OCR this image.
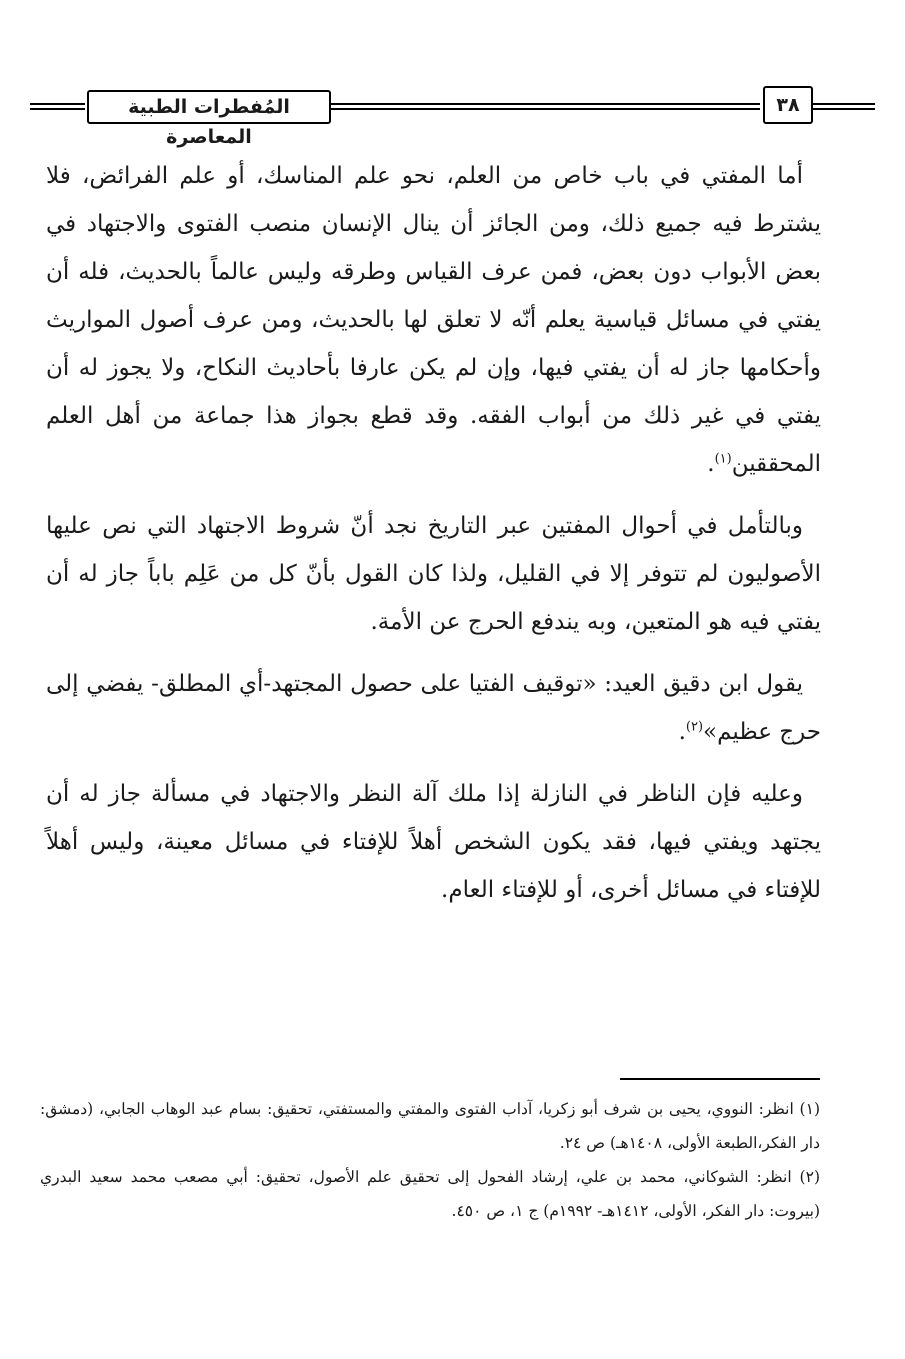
المُفطرات الطبية المعاصرة
٣٨

أما المفتي في باب خاص من العلم، نحو علم المناسك، أو علم الفرائض، فلا يشترط فيه جميع ذلك، ومن الجائز أن ينال الإنسان منصب الفتوى والاجتهاد في بعض الأبواب دون بعض، فمن عرف القياس وطرقه وليس عالماً بالحديث، فله أن يفتي في مسائل قياسية يعلم أنّه لا تعلق لها بالحديث، ومن عرف أصول المواريث وأحكامها جاز له أن يفتي فيها، وإن لم يكن عارفا بأحاديث النكاح، ولا يجوز له أن يفتي في غير ذلك من أبواب الفقه. وقد قطع بجواز هذا جماعة من أهل العلم المحققين$^{(١)}$.

وبالتأمل في أحوال المفتين عبر التاريخ نجد أنّ شروط الاجتهاد التي نص عليها الأصوليون لم تتوفر إلا في القليل، ولذا كان القول بأنّ كل من عَلِم باباً جاز له أن يفتي فيه هو المتعين، وبه يندفع الحرج عن الأمة.

يقول ابن دقيق العيد: «توقيف الفتيا على حصول المجتهد-أي المطلق- يفضي إلى حرج عظيم»$^{(٢)}$.

وعليه فإن الناظر في النازلة إذا ملك آلة النظر والاجتهاد في مسألة جاز له أن يجتهد ويفتي فيها، فقد يكون الشخص أهلاً للإفتاء في مسائل معينة، وليس أهلاً للإفتاء في مسائل أخرى، أو للإفتاء العام.

(١) انظر: النووي، يحيى بن شرف أبو زكريا، آداب الفتوى والمفتي والمستفتي، تحقيق: بسام عبد الوهاب الجابي، (دمشق: دار الفكر،الطبعة الأولى، ١٤٠٨هـ) ص ٢٤.

(٢) انظر: الشوكاني، محمد بن علي، إرشاد الفحول إلى تحقيق علم الأصول، تحقيق: أبي مصعب محمد سعيد البدري (بيروت: دار الفكر، الأولى، ١٤١٢هـ- ١٩٩٢م) ج ١، ص ٤٥٠.
